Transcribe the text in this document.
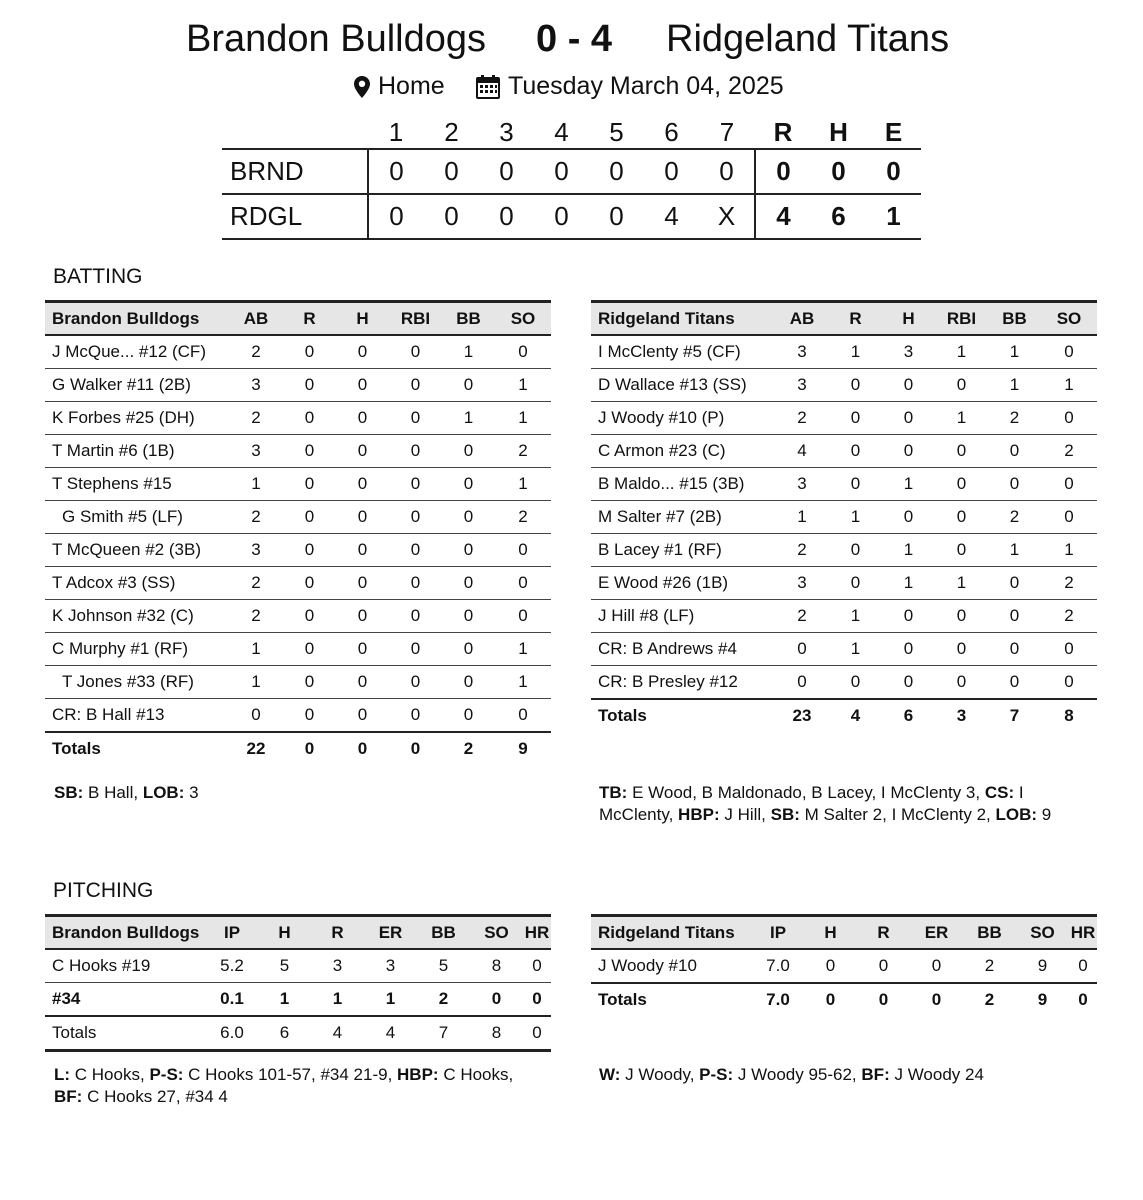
Brandon Bulldogs 0 - 4 Ridgeland Titans
Home	Tuesday March 04, 2025
	1	2	3	4	5	6	7	R	H	E
BRND	0	0	0	0	0	0	0	0	0	0
RDGL	0	0	0	0	0	4	X	4	6	1
BATTING
Brandon Bulldogs	AB	R	H	RBI	BB	SO
J McQue... #12 (CF)	2	0	0	0	1	0
G Walker #11 (2B)	3	0	0	0	0	1
K Forbes #25 (DH)	2	0	0	0	1	1
T Martin #6 (1B)	3	0	0	0	0	2
T Stephens #15	1	0	0	0	0	1
G Smith #5 (LF)	2	0	0	0	0	2
T McQueen #2 (3B)	3	0	0	0	0	0
T Adcox #3 (SS)	2	0	0	0	0	0
K Johnson #32 (C)	2	0	0	0	0	0
C Murphy #1 (RF)	1	0	0	0	0	1
T Jones #33 (RF)	1	0	0	0	0	1
CR: B Hall #13	0	0	0	0	0	0
Totals	22	0	0	0	2	9
Ridgeland Titans	AB	R	H	RBI	BB	SO
I McClenty #5 (CF)	3	1	3	1	1	0
D Wallace #13 (SS)	3	0	0	0	1	1
J Woody #10 (P)	2	0	0	1	2	0
C Armon #23 (C)	4	0	0	0	0	2
B Maldo... #15 (3B)	3	0	1	0	0	0
M Salter #7 (2B)	1	1	0	0	2	0
B Lacey #1 (RF)	2	0	1	0	1	1
E Wood #26 (1B)	3	0	1	1	0	2
J Hill #8 (LF)	2	1	0	0	0	2
CR: B Andrews #4	0	1	0	0	0	0
CR: B Presley #12	0	0	0	0	0	0
Totals	23	4	6	3	7	8
SB: B Hall, LOB: 3	TB: E Wood, B Maldonado, B Lacey, I McClenty 3, CS: I McClenty, HBP: J Hill, SB: M Salter 2, I McClenty 2, LOB: 9
PITCHING
Brandon Bulldogs	IP	H	R	ER	BB	SO	HR
C Hooks #19	5.2	5	3	3	5	8	0
#34	0.1	1	1	1	2	0	0
Totals	6.0	6	4	4	7	8	0
Ridgeland Titans	IP	H	R	ER	BB	SO	HR
J Woody #10	7.0	0	0	0	2	9	0
Totals	7.0	0	0	0	2	9	0
L: C Hooks, P-S: C Hooks 101-57, #34 21-9, HBP: C Hooks, BF: C Hooks 27, #34 4
W: J Woody, P-S: J Woody 95-62, BF: J Woody 24
